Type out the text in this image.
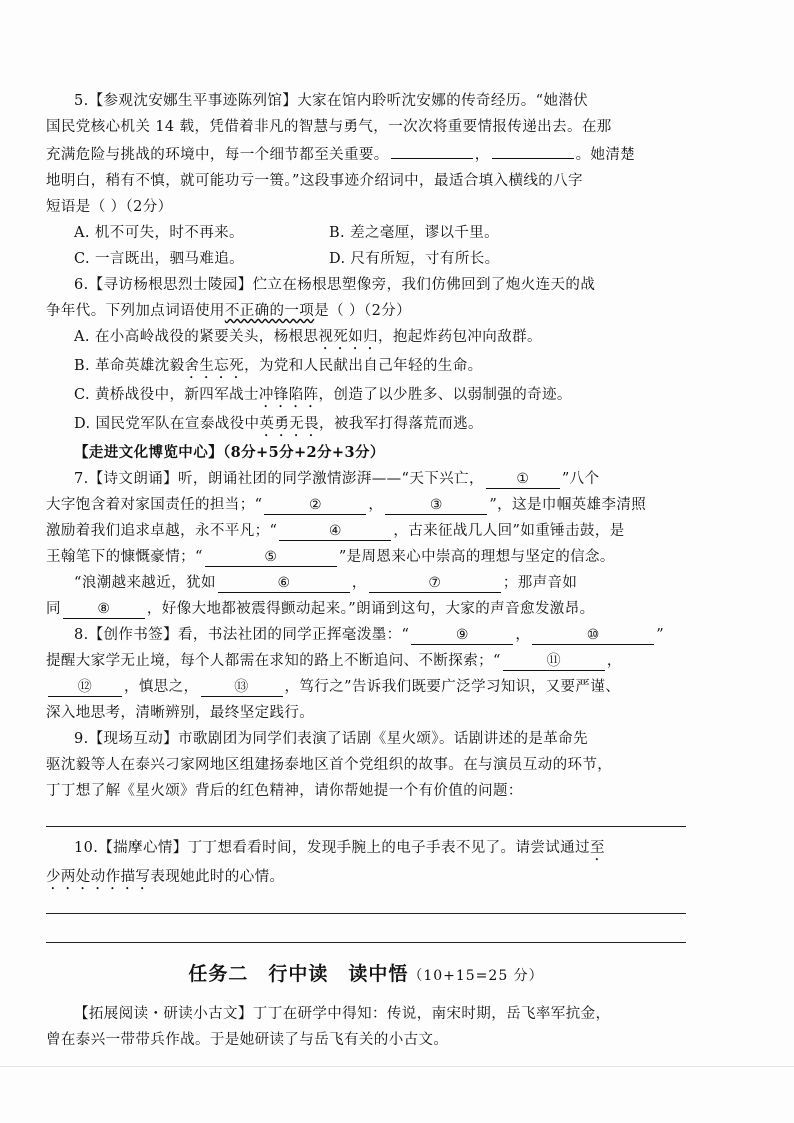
5.【参观沈安娜生平事迹陈列馆】大家在馆内聆听沈安娜的传奇经历。“她潜伏

国民党核心机关 14 载，凭借着非凡的智慧与勇气，一次次将重要情报传递出去。在那

充满危险与挑战的环境中，每一个细节都至关重要。	，	。她清楚

地明白，稍有不慎，就可能功亏一篑。”这段事迹介绍词中，最适合填入横线的八字

短语是（ ）（2分）

A. 机不可失，时不再来。	B. 差之毫厘，谬以千里。
C. 一言既出，驷马难追。	D. 尺有所短，寸有所长。

6.【寻访杨根思烈士陵园】伫立在杨根思塑像旁，我们仿佛回到了炮火连天的战

争年代。下列加点词语使用不正确的一项是（ ）（2分）

A. 在小高岭战役的紧要关头，杨根思视死如归，抱起炸药包冲向敌群。

B. 革命英雄沈毅舍生忘死，为党和人民献出自己年轻的生命。

C. 黄桥战役中，新四军战士冲锋陷阵，创造了以少胜多、以弱制强的奇迹。

D. 国民党军队在宣泰战役中英勇无畏，被我军打得落荒而逃。

【走进文化博览中心】（8分+5分+2分+3分）

7.【诗文朗诵】听，朗诵社团的同学激情澎湃——“天下兴亡， ① ”八个

大字饱含着对家国责任的担当；“	②	，	③	”，这是巾帼英雄李清照

激励着我们追求卓越，永不平凡；“	④	，古来征战几人回”如重锤击鼓，是

王翰笔下的慷慨豪情；“	⑤	”是周恩来心中崇高的理想与坚定的信念。

“浪潮越来越近，犹如	⑥	，	⑦	；那声音如

同	⑧	，好像大地都被震得颤动起来。”朗诵到这句，大家的声音愈发激昂。

8.【创作书签】看，书法社团的同学正挥毫泼墨：“	⑨	，	⑩	”

提醒大家学无止境，每个人都需在求知的路上不断追问、不断探索；“	⑪	，

⑫ ，慎思之，	⑬ ，笃行之”告诉我们既要广泛学习知识，又要严谨、

深入地思考，清晰辨别，最终坚定践行。

9.【现场互动】市歌剧团为同学们表演了话剧《星火颂》。话剧讲述的是革命先

驱沈毅等人在泰兴刁家网地区组建扬泰地区首个党组织的故事。在与演员互动的环节，

丁丁想了解《星火颂》背后的红色精神，请你帮她提一个有价值的问题：

10.【揣摩心情】丁丁想看看时间，发现手腕上的电子手表不见了。请尝试通过至

少两处动作描写表现她此时的心情。

任务二　行中读　读中悟（10+15=25 分）

【拓展阅读・研读小古文】丁丁在研学中得知：传说，南宋时期，岳飞率军抗金，

曾在泰兴一带带兵作战。于是她研读了与岳飞有关的小古文。
